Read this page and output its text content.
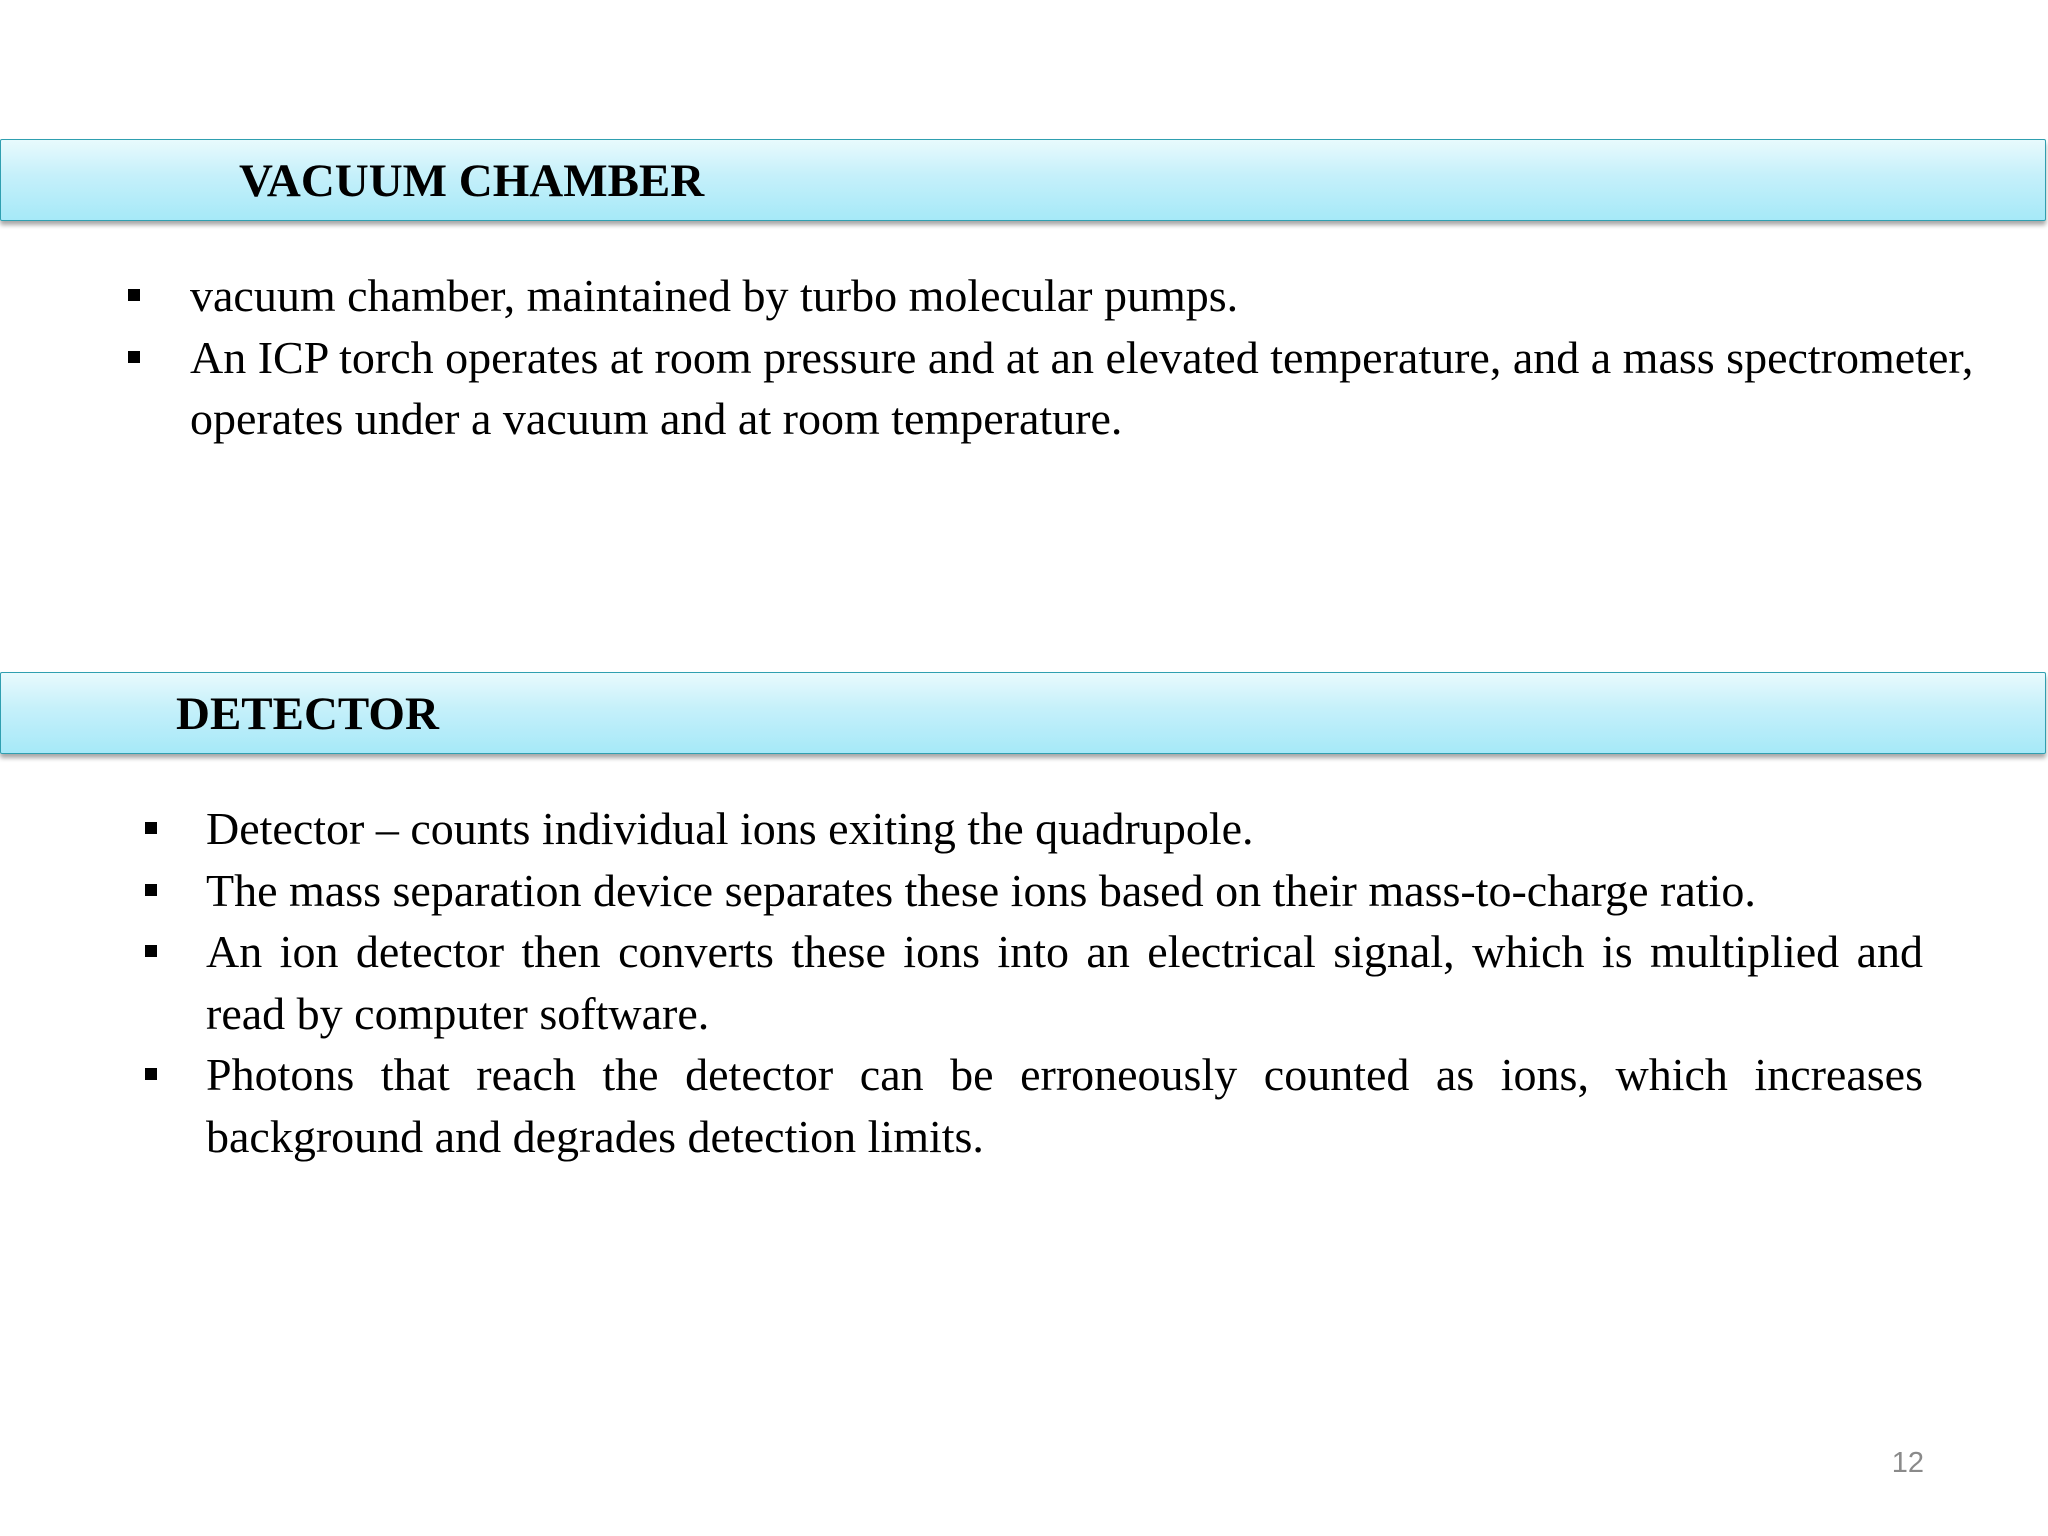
VACUUM CHAMBER
vacuum chamber, maintained by turbo molecular pumps.
An ICP torch operates at room pressure and at an elevated temperature, and a mass spectrometer, operates under a vacuum and at room temperature.
DETECTOR
Detector – counts individual ions exiting the quadrupole.
The mass separation device separates these ions based on their mass-to-charge ratio.
An ion detector then converts these ions into an electrical signal, which is multiplied and read by computer software.
Photons that reach the detector can be erroneously counted as ions, which increases background and degrades detection limits.
12
